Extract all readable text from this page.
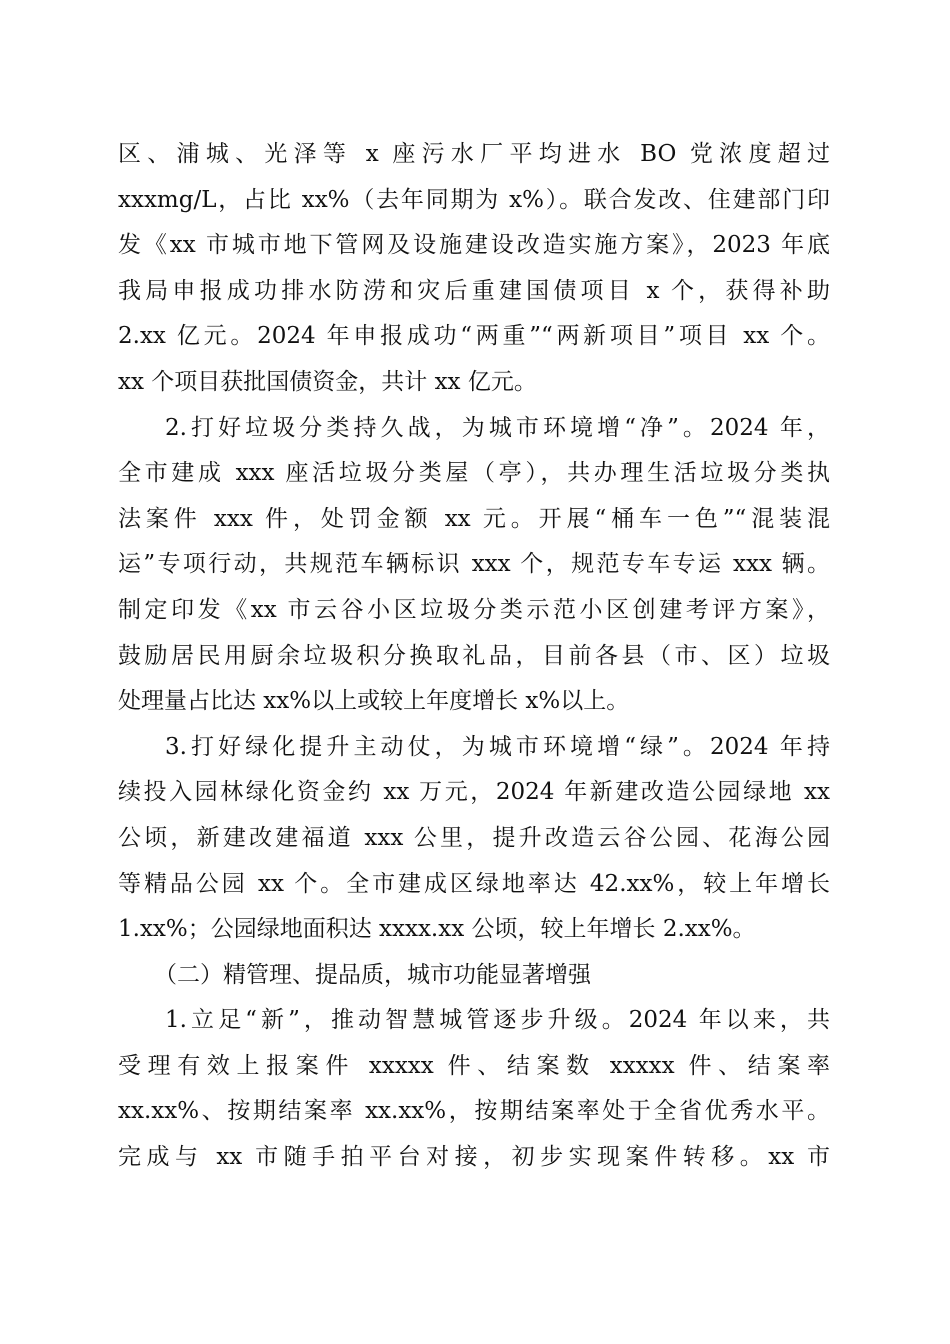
区、浦城、光泽等 x 座污水厂平均进水 BO 党浓度超过
xxxmg/L，占比 xx%（去年同期为 x%）。联合发改、住建部门印
发《xx 市城市地下管网及设施建设改造实施方案》，2023 年底
我局申报成功排水防涝和灾后重建国债项目 x 个，获得补助
2.xx 亿元。2024 年申报成功“两重”“两新项目”项目 xx 个。
xx 个项目获批国债资金，共计 xx 亿元。
2.打好垃圾分类持久战，为城市环境增“净”。2024 年，
全市建成 xxx 座活垃圾分类屋（亭），共办理生活垃圾分类执
法案件 xxx 件，处罚金额 xx 元。开展“桶车一色”“混装混
运”专项行动，共规范车辆标识 xxx 个，规范专车专运 xxx 辆。
制定印发《xx 市云谷小区垃圾分类示范小区创建考评方案》，
鼓励居民用厨余垃圾积分换取礼品，目前各县（市、区）垃圾
处理量占比达 xx%以上或较上年度增长 x%以上。
3.打好绿化提升主动仗，为城市环境增“绿”。2024 年持
续投入园林绿化资金约 xx 万元，2024 年新建改造公园绿地 xx
公顷，新建改建福道 xxx 公里，提升改造云谷公园、花海公园
等精品公园 xx 个。全市建成区绿地率达 42.xx%，较上年增长
1.xx%；公园绿地面积达 xxxx.xx 公顷，较上年增长 2.xx%。
（二）精管理、提品质，城市功能显著增强
1.立足“新”，推动智慧城管逐步升级。2024 年以来，共
受理有效上报案件 xxxxx 件、结案数 xxxxx 件、结案率
xx.xx%、按期结案率 xx.xx%，按期结案率处于全省优秀水平。
完成与 xx 市随手拍平台对接，初步实现案件转移。xx 市
